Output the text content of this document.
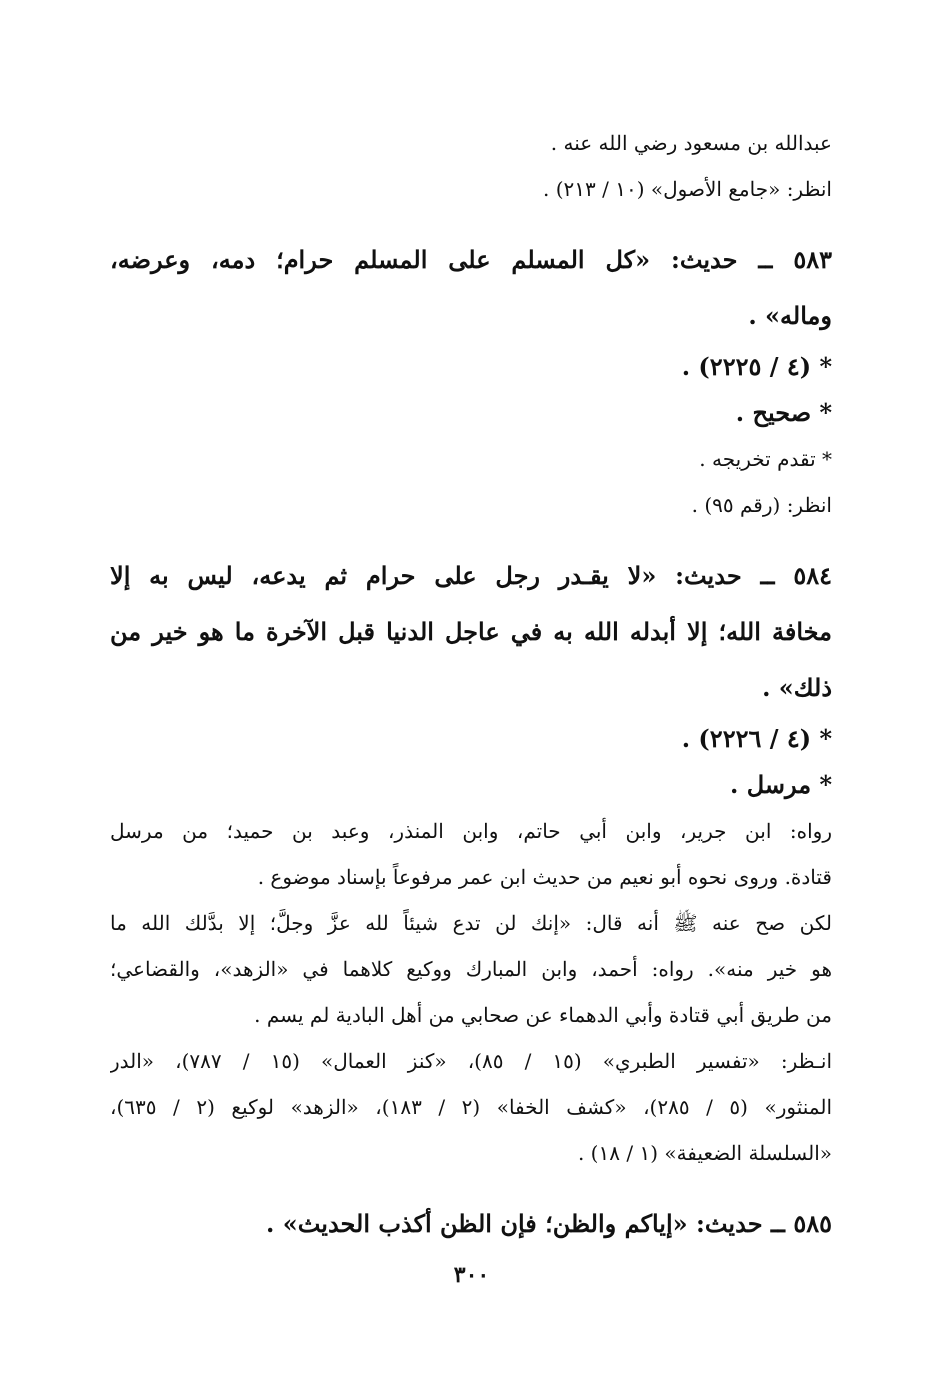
عبدالله بن مسعود رضي الله عنه .
انظر: «جامع الأصول» (١٠ / ٢١٣) .
٥٨٣ ــ حديث: «كل المسلم على المسلم حرام؛ دمه، وعرضه،
وماله» .
* (٤ / ٢٢٢٥) .
* صحيح .
* تقدم تخريجه .
انظر: (رقم ٩٥) .
٥٨٤ ــ حديث: «لا يقـدر رجل على حرام ثم يدعه، ليس به إلا
مخافة الله؛ إلا أبدله الله به في عاجل الدنيا قبل الآخرة ما هو خير من
ذلك» .
* (٤ / ٢٢٢٦) .
* مرسل .
رواه: ابن جرير، وابن أبي حاتم، وابن المنذر، وعبد بن حميد؛ من مرسل
قتادة. وروى نحوه أبو نعيم من حديث ابن عمر مرفوعاً بإسناد موضوع .
لكن صح عنه ﷺ أنه قال: «إنك لن تدع شيئاً لله عزَّ وجلَّ؛ إلا بدَّلك الله ما
هو خير منه». رواه: أحمد، وابن المبارك ووكيع كلاهما في «الزهد»، والقضاعي؛
من طريق أبي قتادة وأبي الدهماء عن صحابي من أهل البادية لم يسم .
انـظر: «تفسير الطبري» (١٥ / ٨٥)، «كنز العمال» (١٥ / ٧٨٧)، «الدر
المنثور» (٥ / ٢٨٥)، «كشف الخفا» (٢ / ١٨٣)، «الزهد» لوكيع (٢ / ٦٣٥)،
«السلسلة الضعيفة» (١ / ١٨) .
٥٨٥ ــ حديث: «إياكم والظن؛ فإن الظن أكذب الحديث» .
٣٠٠
